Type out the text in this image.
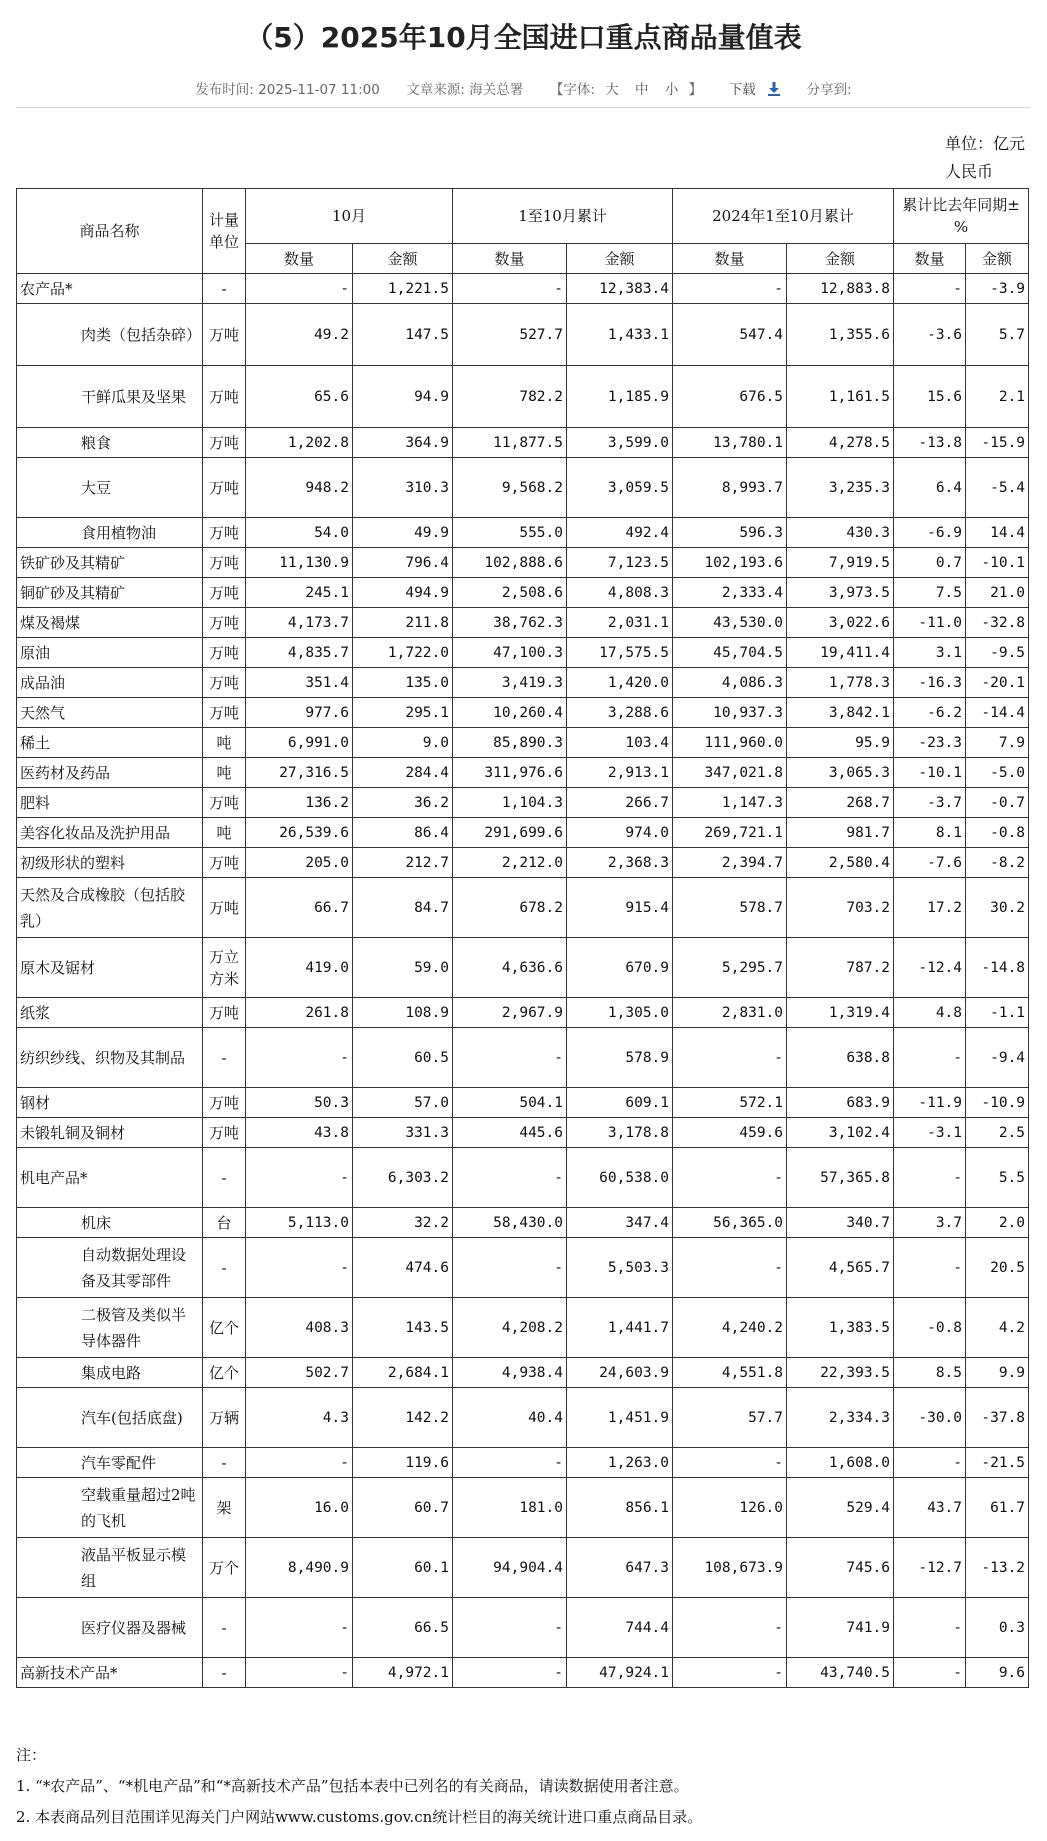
（5）2025年10月全国进口重点商品量值表
发布时间: 2025-11-07 11:00 文章来源: 海关总署 【字体: 大 中 小 】 下载	分享到:
单位：亿元人民币
商品名称	计量单位	10月		1至10月累计		2024年1至10月累计		累计比去年同期±%	
		数量	金额	数量	金额	数量	金额	数量	金额
农产品*	-	-	1,221.5	-	12,383.4	-	12,883.8	-	-3.9
肉类（包括杂碎）	万吨	49.2	147.5	527.7	1,433.1	547.4	1,355.6	-3.6	5.7
干鲜瓜果及坚果	万吨	65.6	94.9	782.2	1,185.9	676.5	1,161.5	15.6	2.1
粮食	万吨	1,202.8	364.9	11,877.5	3,599.0	13,780.1	4,278.5	-13.8	-15.9
大豆	万吨	948.2	310.3	9,568.2	3,059.5	8,993.7	3,235.3	6.4	-5.4
食用植物油	万吨	54.0	49.9	555.0	492.4	596.3	430.3	-6.9	14.4
铁矿砂及其精矿	万吨	11,130.9	796.4	102,888.6	7,123.5	102,193.6	7,919.5	0.7	-10.1
铜矿砂及其精矿	万吨	245.1	494.9	2,508.6	4,808.3	2,333.4	3,973.5	7.5	21.0
煤及褐煤	万吨	4,173.7	211.8	38,762.3	2,031.1	43,530.0	3,022.6	-11.0	-32.8
原油	万吨	4,835.7	1,722.0	47,100.3	17,575.5	45,704.5	19,411.4	3.1	-9.5
成品油	万吨	351.4	135.0	3,419.3	1,420.0	4,086.3	1,778.3	-16.3	-20.1
天然气	万吨	977.6	295.1	10,260.4	3,288.6	10,937.3	3,842.1	-6.2	-14.4
稀土	吨	6,991.0	9.0	85,890.3	103.4	111,960.0	95.9	-23.3	7.9
医药材及药品	吨	27,316.5	284.4	311,976.6	2,913.1	347,021.8	3,065.3	-10.1	-5.0
肥料	万吨	136.2	36.2	1,104.3	266.7	1,147.3	268.7	-3.7	-0.7
美容化妆品及洗护用品	吨	26,539.6	86.4	291,699.6	974.0	269,721.1	981.7	8.1	-0.8
初级形状的塑料	万吨	205.0	212.7	2,212.0	2,368.3	2,394.7	2,580.4	-7.6	-8.2
天然及合成橡胶（包括胶乳）	万吨	66.7	84.7	678.2	915.4	578.7	703.2	17.2	30.2
原木及锯材	万立方米	419.0	59.0	4,636.6	670.9	5,295.7	787.2	-12.4	-14.8
纸浆	万吨	261.8	108.9	2,967.9	1,305.0	2,831.0	1,319.4	4.8	-1.1
纺织纱线、织物及其制品	-	-	60.5	-	578.9	-	638.8	-	-9.4
钢材	万吨	50.3	57.0	504.1	609.1	572.1	683.9	-11.9	-10.9
未锻轧铜及铜材	万吨	43.8	331.3	445.6	3,178.8	459.6	3,102.4	-3.1	2.5
机电产品*	-	-	6,303.2	-	60,538.0	-	57,365.8	-	5.5
机床	台	5,113.0	32.2	58,430.0	347.4	56,365.0	340.7	3.7	2.0
自动数据处理设备及其零部件	-	-	474.6	-	5,503.3	-	4,565.7	-	20.5
二极管及类似半导体器件	亿个	408.3	143.5	4,208.2	1,441.7	4,240.2	1,383.5	-0.8	4.2
集成电路	亿个	502.7	2,684.1	4,938.4	24,603.9	4,551.8	22,393.5	8.5	9.9
汽车(包括底盘)	万辆	4.3	142.2	40.4	1,451.9	57.7	2,334.3	-30.0	-37.8
汽车零配件	-	-	119.6	-	1,263.0	-	1,608.0	-	-21.5
空载重量超过2吨的飞机	架	16.0	60.7	181.0	856.1	126.0	529.4	43.7	61.7
液晶平板显示模组	万个	8,490.9	60.1	94,904.4	647.3	108,673.9	745.6	-12.7	-13.2
医疗仪器及器械	-	-	66.5	-	744.4	-	741.9	-	0.3
高新技术产品*	-	-	4,972.1	-	47,924.1	-	43,740.5	-	9.6
注：
1. “*农产品”、“*机电产品”和“*高新技术产品”包括本表中已列名的有关商品，请读数据使用者注意。
2. 本表商品列目范围详见海关门户网站www.customs.gov.cn统计栏目的海关统计进口重点商品目录。
